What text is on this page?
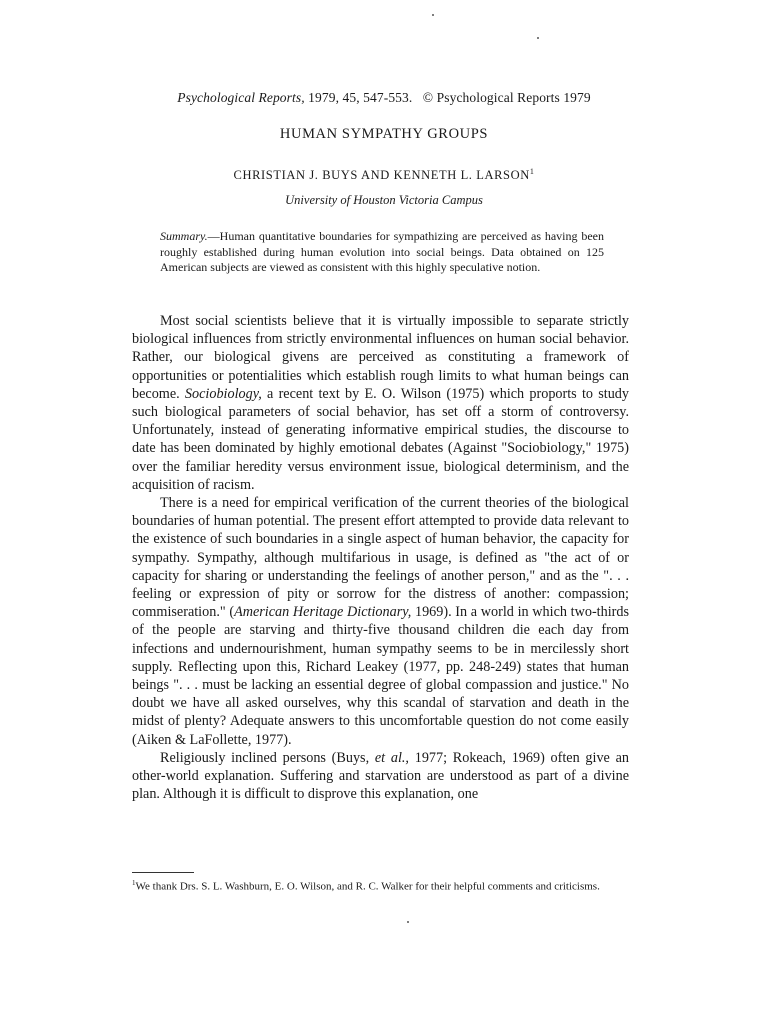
Psychological Reports, 1979, 45, 547-553. © Psychological Reports 1979
HUMAN SYMPATHY GROUPS
CHRISTIAN J. BUYS AND KENNETH L. LARSON$^1$
University of Houston Victoria Campus
Summary.—Human quantitative boundaries for sympathizing are perceived as having been roughly established during human evolution into social beings. Data obtained on 125 American subjects are viewed as consistent with this highly speculative notion.

Most social scientists believe that it is virtually impossible to separate strictly biological influences from strictly environmental influences on human social behavior. Rather, our biological givens are perceived as constituting a framework of opportunities or potentialities which establish rough limits to what human beings can become. Sociobiology, a recent text by E. O. Wilson (1975) which proports to study such biological parameters of social behavior, has set off a storm of controversy. Unfortunately, instead of generating informative empirical studies, the discourse to date has been dominated by highly emotional debates (Against "Sociobiology," 1975) over the familiar heredity versus environment issue, biological determinism, and the acquisition of racism.

There is a need for empirical verification of the current theories of the biological boundaries of human potential. The present effort attempted to provide data relevant to the existence of such boundaries in a single aspect of human behavior, the capacity for sympathy. Sympathy, although multifarious in usage, is defined as "the act of or capacity for sharing or understanding the feelings of another person," and as the ". . . feeling or expression of pity or sorrow for the distress of another: compassion; commiseration." (American Heritage Dictionary, 1969). In a world in which two-thirds of the people are starving and thirty-five thousand children die each day from infections and undernourishment, human sympathy seems to be in mercilessly short supply. Reflecting upon this, Richard Leakey (1977, pp. 248-249) states that human beings ". . . must be lacking an essential degree of global compassion and justice." No doubt we have all asked ourselves, why this scandal of starvation and death in the midst of plenty? Adequate answers to this uncomfortable question do not come easily (Aiken & LaFollette, 1977).

Religiously inclined persons (Buys, et al., 1977; Rokeach, 1969) often give an other-world explanation. Suffering and starvation are understood as part of a divine plan. Although it is difficult to disprove this explanation, one

$^1$We thank Drs. S. L. Washburn, E. O. Wilson, and R. C. Walker for their helpful comments and criticisms.
